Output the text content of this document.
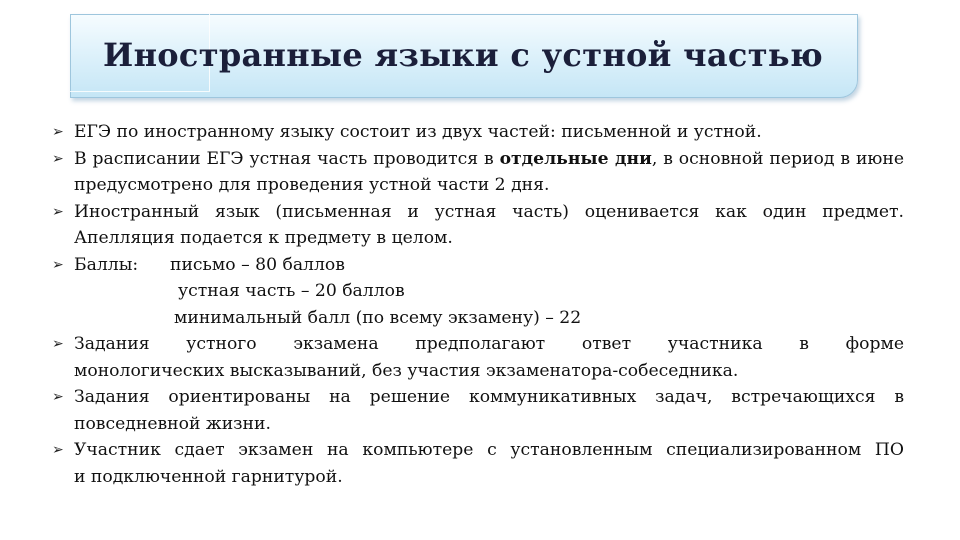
Иностранные языки с устной частью
➢ ЕГЭ по иностранному языку состоит из двух частей: письменной и устной.
➢ В расписании ЕГЭ устная часть проводится в отдельные дни, в основной период в июне предусмотрено для проведения устной части 2 дня.
➢ Иностранный язык (письменная и устная часть) оценивается как один предмет.
Апелляция подается к предмету в целом.
➢ Баллы: письмо – 80 баллов
устная часть – 20 баллов
минимальный балл (по всему экзамену) – 22
➢ Задания устного экзамена предполагают ответ участника в форме
монологических высказываний, без участия экзаменатора-собеседника.
➢ Задания ориентированы на решение коммуникативных задач, встречающихся в
повседневной жизни.
➢ Участник сдает экзамен на компьютере с установленным специализированном ПО
и подключенной гарнитурой.
